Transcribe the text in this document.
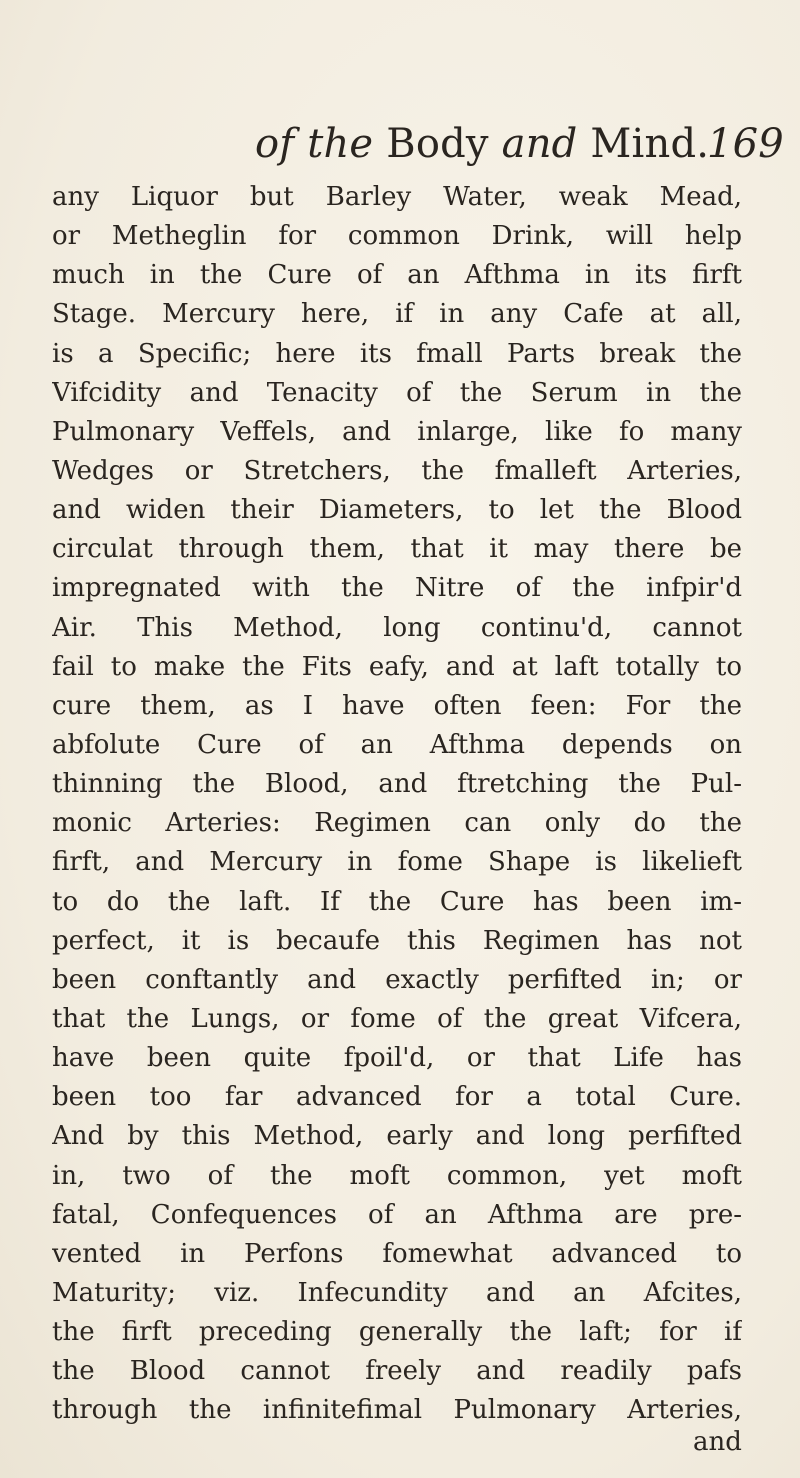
of the Body and Mind.
169
any Liquor but Barley Water, weak Mead,
or Metheglin for common Drink, will help
much in the Cure of an Afthma in its firft
Stage. Mercury here, if in any Cafe at all,
is a Specific; here its fmall Parts break the
Vifcidity and Tenacity of the Serum in the
Pulmonary Veffels, and inlarge, like fo many
Wedges or Stretchers, the fmalleft Arteries,
and widen their Diameters, to let the Blood
circulat through them, that it may there be
impregnated with the Nitre of the infpir'd
Air. This Method, long continu'd, cannot
fail to make the Fits eafy, and at laft totally to
cure them, as I have often feen: For the
abfolute Cure of an Afthma depends on
thinning the Blood, and ftretching the Pul-
monic Arteries: Regimen can only do the
firft, and Mercury in fome Shape is likelieft
to do the laft. If the Cure has been im-
perfect, it is becaufe this Regimen has not
been conftantly and exactly perfifted in; or
that the Lungs, or fome of the great Vifcera,
have been quite fpoil'd, or that Life has
been too far advanced for a total Cure.
And by this Method, early and long perfifted
in, two of the moft common, yet moft
fatal, Confequences of an Afthma are pre-
vented in Perfons fomewhat advanced to
Maturity; viz. Infecundity and an Afcites,
the firft preceding generally the laft; for if
the Blood cannot freely and readily pafs
through the infinitefimal Pulmonary Arteries,
and
